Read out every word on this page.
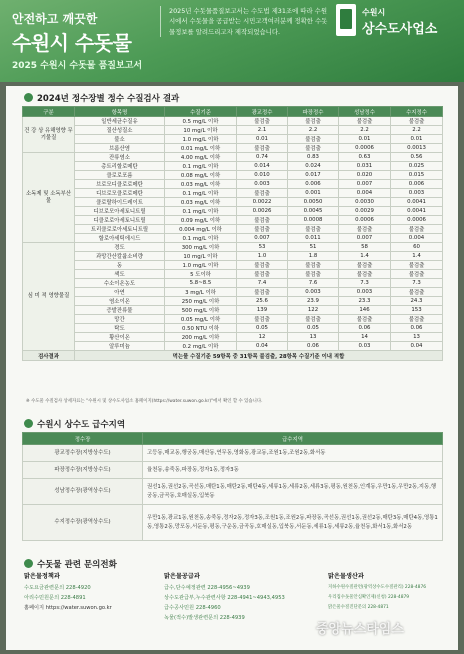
안전하고 깨끗한
수원시 수돗물
2025 수원시 수돗물 품질보고서
2025년 수돗물품질보고서는 수도법 제31조에 따라 수원시에서 수돗물을 공급받는 시민고객여러분께 정확한 수돗물정보를 알려드리고자 제작되었습니다.
수원시
상수도사업소
2024년 정수장별 정수 수질검사 결과
구분	항목명	수질기준	광교정수	파장정수	성남정수	수지정수
건 강 상 유해영향 무기물질	일반세균수질유	0.5 mg/L 이하	불검출	불검출	불검출	불검출
	질산성질소	10 mg/L 이하	2.1	2.2	2.2	2.2
	불소	1.0 mg/L 이하	0.01	불검출	0.01	0.01
	브롬산염	0.01 mg/L 이하	불검출	불검출	0.0006	0.0013
소독제 및 소독부산물	잔류염소	4.00 mg/L 이하	0.74	0.83	0.63	0.56
	총트리할로메탄	0.1 mg/L 이하	0.014	0.024	0.031	0.025
	클로로포름	0.08 mg/L 이하	0.010	0.017	0.020	0.015
	브로모디클로로메탄	0.03 mg/L 이하	0.003	0.006	0.007	0.006
	디브로모클로로메탄	0.1 mg/L 이하	불검출	0.001	0.004	0.003
	클로랄하이드레이트	0.03 mg/L 이하	0.0022	0.0050	0.0030	0.0041
	디브로모아세토니트릴	0.1 mg/L 이하	0.0026	0.0045	0.0029	0.0041
	디클로로아세토니트릴	0.09 mg/L 이하	불검출	0.0008	0.0006	0.0006
	트리클로로아세토니트릴	0.004 mg/L 이하	불검출	불검출	불검출	불검출
	할로아세틱에시드	0.1 mg/L 이하	0.007	0.011	0.007	0.004
심 미 적 영향물질	경도	300 mg/L 이하	53	51	58	60
	과망간산칼륨소비량	10 mg/L 이하	1.0	1.8	1.4	1.4
	동	1.0 mg/L 이하	불검출	불검출	불검출	불검출
	색도	5 도이하	불검출	불검출	불검출	불검출
	수소이온농도	5.8~8.5	7.4	7.6	7.3	7.3
	아연	3 mg/L 이하	불검출	0.003	0.003	불검출
	염소이온	250 mg/L 이하	25.6	23.9	23.3	24.3
	증발잔류물	500 mg/L 이하	139	122	146	153
	망간	0.05 mg/L 이하	불검출	불검출	불검출	불검출
	탁도	0.50 NTU 이하	0.05	0.05	0.06	0.06
	황산이온	200 mg/L 이하	12	13	14	13
	알루미늄	0.2 mg/L 이하	0.04	0.06	0.03	0.04
검사결과	먹는물 수질기준 59항목 중 31항목 불검출, 28항목 수질기준 이내 적합					
※ 수도물 수질검사 상세자료는 "수원시 및 상수도사업소 홈페이지(https://water.suwon.go.kr)"에서 확인 할 수 있습니다.
수원시 상수도 급수지역
정수장	급수지역
광교정수장(지방상수도)	고등동,매교동,행궁동,매산동,연무동,영화동,광교동,조원1동,조원2동,화서동
파장정수장(지방상수도)	율천동,송죽동,파장동,정자1동,정자3동
성남정수장(광역상수도)	권선1동,권선2동,곡선동,매탄1동,매탄2동,매탄4동,세류1동,세류2동,세류3동,평동,원천동,인계동,우만1동,우만2동,지동,행궁동,금곡동,호매실동,입북동
수지정수장(광역상수도)	우만1동,광교1동,원천동,송죽동,정자2동,정자3동,조원1동,조원2동,파장동,곡선동,권선1동,권선2동,매탄3동,매탄4동,영통1동,영통2동,망포동,서둔동,평동,구운동,금곡동,호매실동,입북동,서둔동,세류1동,세류2동,율천동,화서1동,화서2동
수돗물 관련 문의전화
맑은물정책과
수도요금관련문의 228-4920
아리수민원문의 228-4891
홈페이지 https://water.suwon.go.kr
맑은물공급과
급수,단수예정관련 228-4956~4939
상수도관급부,누수관련사항 228-4941~4943,4953
급수공사민원 228-4960
녹물(적수)발생관련문의 228-4939
맑은물생산과
지하수원수질관련(광역상수도수질관리) 228-4876
우리집수돗물안심확인제(신청) 228-4879
맑은물수질진단문의 228-4871
중앙뉴스타임스
